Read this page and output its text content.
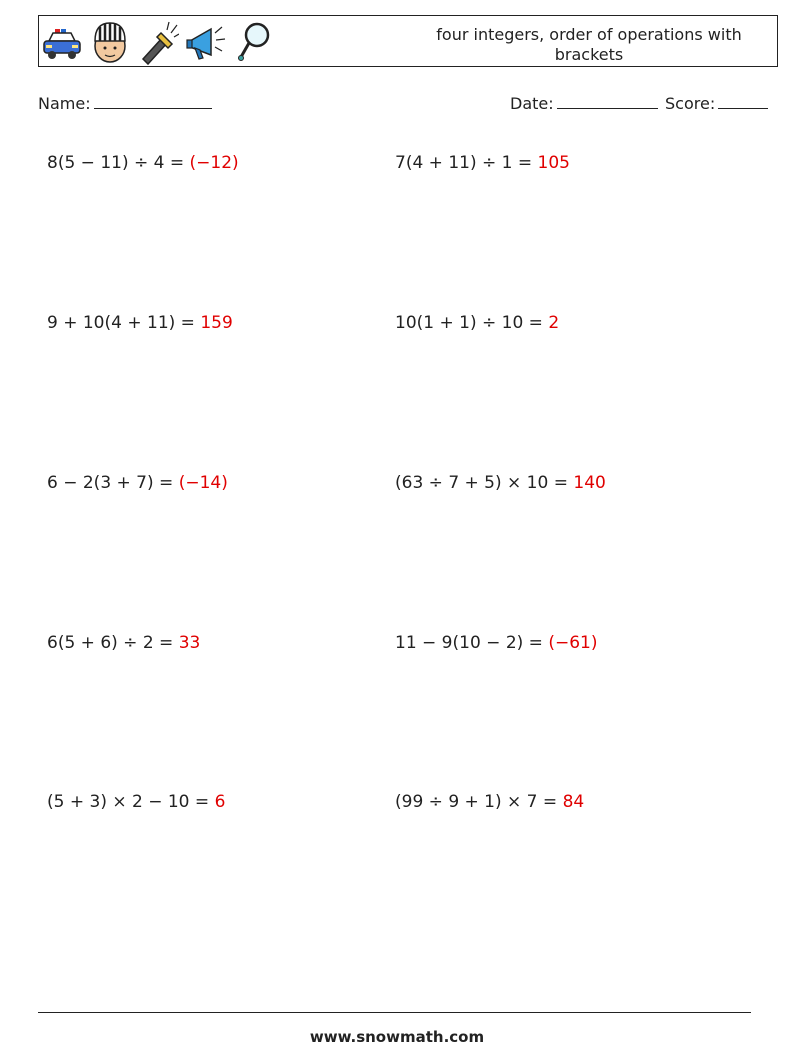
four integers, order of operations with brackets
Name:	Date:	Score:
8(5 − 11) ÷ 4 = (−12)	7(4 + 11) ÷ 1 = 105
9 + 10(4 + 11) = 159	10(1 + 1) ÷ 10 = 2
6 − 2(3 + 7) = (−14)	(63 ÷ 7 + 5) × 10 = 140
6(5 + 6) ÷ 2 = 33	11 − 9(10 − 2) = (−61)
(5 + 3) × 2 − 10 = 6	(99 ÷ 9 + 1) × 7 = 84
www.snowmath.com
